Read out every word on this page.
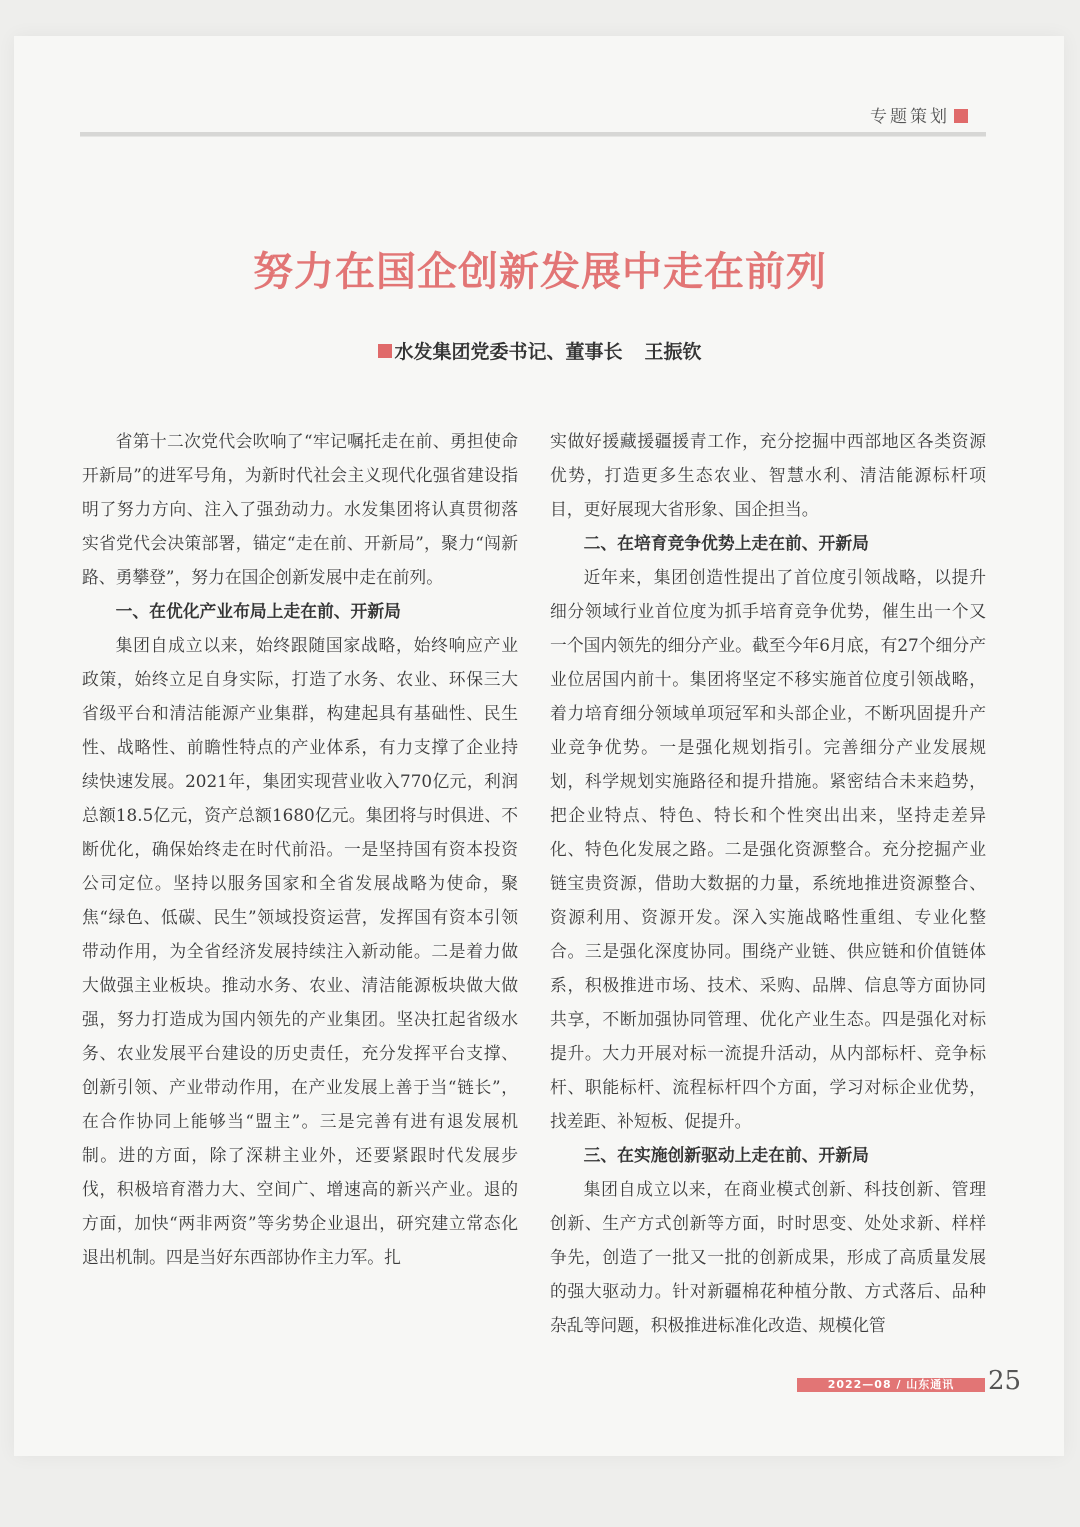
专题策划
努力在国企创新发展中走在前列
水发集团党委书记、董事长 王振钦

省第十二次党代会吹响了“牢记嘱托走在前、勇担使命开新局”的进军号角，为新时代社会主义现代化强省建设指明了努力方向、注入了强劲动力。水发集团将认真贯彻落实省党代会决策部署，锚定“走在前、开新局”，聚力“闯新路、勇攀登”，努力在国企创新发展中走在前列。

一、在优化产业布局上走在前、开新局

集团自成立以来，始终跟随国家战略，始终响应产业政策，始终立足自身实际，打造了水务、农业、环保三大省级平台和清洁能源产业集群，构建起具有基础性、民生性、战略性、前瞻性特点的产业体系，有力支撑了企业持续快速发展。2021年，集团实现营业收入770亿元，利润总额18.5亿元，资产总额1680亿元。集团将与时俱进、不断优化，确保始终走在时代前沿。一是坚持国有资本投资公司定位。坚持以服务国家和全省发展战略为使命，聚焦“绿色、低碳、民生”领域投资运营，发挥国有资本引领带动作用，为全省经济发展持续注入新动能。二是着力做大做强主业板块。推动水务、农业、清洁能源板块做大做强，努力打造成为国内领先的产业集团。坚决扛起省级水务、农业发展平台建设的历史责任，充分发挥平台支撑、创新引领、产业带动作用，在产业发展上善于当“链长”，在合作协同上能够当“盟主”。三是完善有进有退发展机制。进的方面，除了深耕主业外，还要紧跟时代发展步伐，积极培育潜力大、空间广、增速高的新兴产业。退的方面，加快“两非两资”等劣势企业退出，研究建立常态化退出机制。四是当好东西部协作主力军。扎

实做好援藏援疆援青工作，充分挖掘中西部地区各类资源优势，打造更多生态农业、智慧水利、清洁能源标杆项目，更好展现大省形象、国企担当。

二、在培育竞争优势上走在前、开新局

近年来，集团创造性提出了首位度引领战略，以提升细分领域行业首位度为抓手培育竞争优势，催生出一个又一个国内领先的细分产业。截至今年6月底，有27个细分产业位居国内前十。集团将坚定不移实施首位度引领战略，着力培育细分领域单项冠军和头部企业，不断巩固提升产业竞争优势。一是强化规划指引。完善细分产业发展规划，科学规划实施路径和提升措施。紧密结合未来趋势，把企业特点、特色、特长和个性突出出来，坚持走差异化、特色化发展之路。二是强化资源整合。充分挖掘产业链宝贵资源，借助大数据的力量，系统地推进资源整合、资源利用、资源开发。深入实施战略性重组、专业化整合。三是强化深度协同。围绕产业链、供应链和价值链体系，积极推进市场、技术、采购、品牌、信息等方面协同共享，不断加强协同管理、优化产业生态。四是强化对标提升。大力开展对标一流提升活动，从内部标杆、竞争标杆、职能标杆、流程标杆四个方面，学习对标企业优势，找差距、补短板、促提升。

三、在实施创新驱动上走在前、开新局

集团自成立以来，在商业模式创新、科技创新、管理创新、生产方式创新等方面，时时思变、处处求新、样样争先，创造了一批又一批的创新成果，形成了高质量发展的强大驱动力。针对新疆棉花种植分散、方式落后、品种杂乱等问题，积极推进标准化改造、规模化管

2022—08 / 山东通讯	25
